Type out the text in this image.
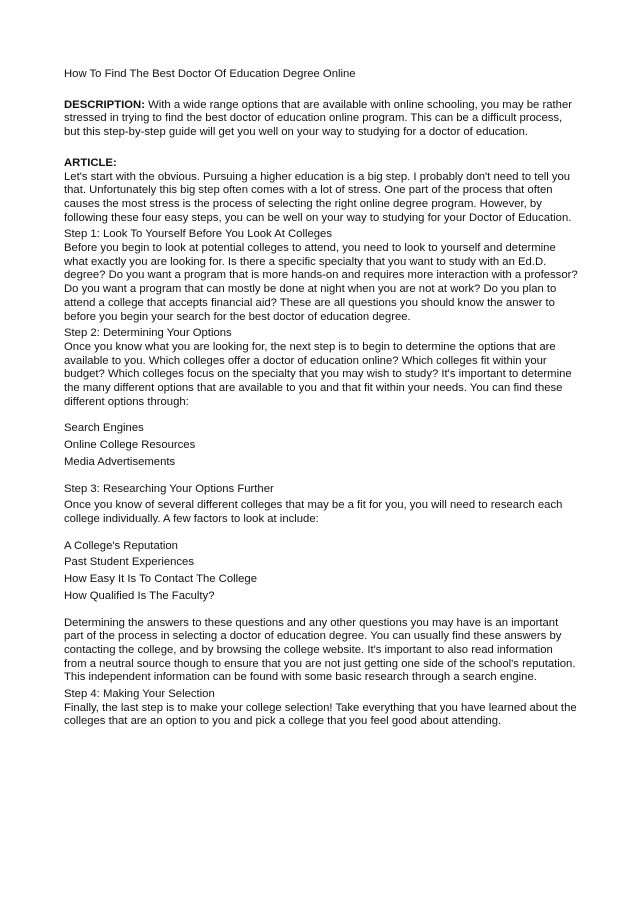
How To Find The Best Doctor Of Education Degree Online

DESCRIPTION: With a wide range options that are available with online schooling, you may be rather stressed in trying to find the best doctor of education online program. This can be a difficult process, but this step-by-step guide will get you well on your way to studying for a doctor of education.

ARTICLE:

Let's start with the obvious. Pursuing a higher education is a big step. I probably don't need to tell you that. Unfortunately this big step often comes with a lot of stress. One part of the process that often causes the most stress is the process of selecting the right online degree program. However, by following these four easy steps, you can be well on your way to studying for your Doctor of Education.

Step 1: Look To Yourself Before You Look At Colleges

Before you begin to look at potential colleges to attend, you need to look to yourself and determine what exactly you are looking for. Is there a specific specialty that you want to study with an Ed.D. degree? Do you want a program that is more hands-on and requires more interaction with a professor? Do you want a program that can mostly be done at night when you are not at work? Do you plan to attend a college that accepts financial aid? These are all questions you should know the answer to before you begin your search for the best doctor of education degree.

Step 2: Determining Your Options

Once you know what you are looking for, the next step is to begin to determine the options that are available to you. Which colleges offer a doctor of education online? Which colleges fit within your budget? Which colleges focus on the specialty that you may wish to study? It's important to determine the many different options that are available to you and that fit within your needs. You can find these different options through:

Search Engines

Online College Resources

Media Advertisements

Step 3: Researching Your Options Further

Once you know of several different colleges that may be a fit for you, you will need to research each college individually. A few factors to look at include:

A College's Reputation

Past Student Experiences

How Easy It Is To Contact The College

How Qualified Is The Faculty?

Determining the answers to these questions and any other questions you may have is an important part of the process in selecting a doctor of education degree. You can usually find these answers by contacting the college, and by browsing the college website. It's important to also read information from a neutral source though to ensure that you are not just getting one side of the school's reputation. This independent information can be found with some basic research through a search engine.

Step 4: Making Your Selection

Finally, the last step is to make your college selection! Take everything that you have learned about the colleges that are an option to you and pick a college that you feel good about attending.
